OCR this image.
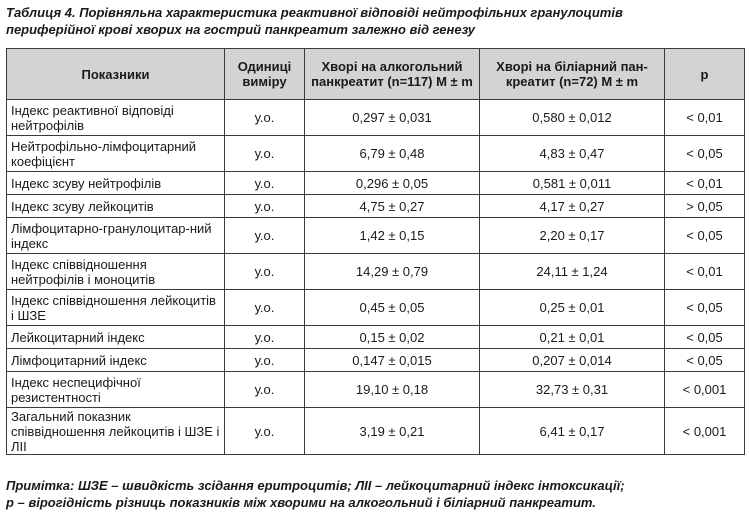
Таблиця 4. Порівняльна характеристика реактивної відповіді нейтрофільних гранулоцитів
периферійної крові хворих на гострий панкреатит залежно від генезу
Показники	Одиниці виміру	Хворі на алкогольний панкреатит (n=117) M ± m	Хворі на біліарний пан-креатит (n=72) M ± m	p
Індекс реактивної відповіді нейтрофілів	у.о.	0,297 ± 0,031	0,580 ± 0,012	< 0,01
Нейтрофільно-лімфоцитарний коефіцієнт	у.о.	6,79 ± 0,48	4,83 ± 0,47	< 0,05
Індекс зсуву нейтрофілів	у.о.	0,296 ± 0,05	0,581 ± 0,011	< 0,01
Індекс зсуву лейкоцитів	у.о.	4,75 ± 0,27	4,17 ± 0,27	> 0,05
Лімфоцитарно-гранулоцитар-ний індекс	у.о.	1,42 ± 0,15	2,20 ± 0,17	< 0,05
Індекс співвідношення нейтрофілів і моноцитів	у.о.	14,29 ± 0,79	24,11 ± 1,24	< 0,01
Індекс співвідношення лейкоцитів і ШЗЕ	у.о.	0,45 ± 0,05	0,25 ± 0,01	< 0,05
Лейкоцитарний індекс	у.о.	0,15 ± 0,02	0,21 ± 0,01	< 0,05
Лімфоцитарний індекс	у.о.	0,147 ± 0,015	0,207 ± 0,014	< 0,05
Індекс неспецифічної резистентності	у.о.	19,10 ± 0,18	32,73 ± 0,31	< 0,001
Загальний показник співвідношення лейкоцитів і ШЗЕ і ЛІІ	у.о.	3,19 ± 0,21	6,41 ± 0,17	< 0,001
Примітка: ШЗЕ – швидкість зсідання еритроцитів; ЛІІ – лейкоцитарний індекс інтоксикації;
р – вірогідність різниць показників між хворими на алкогольний і біліарний панкреатит.
